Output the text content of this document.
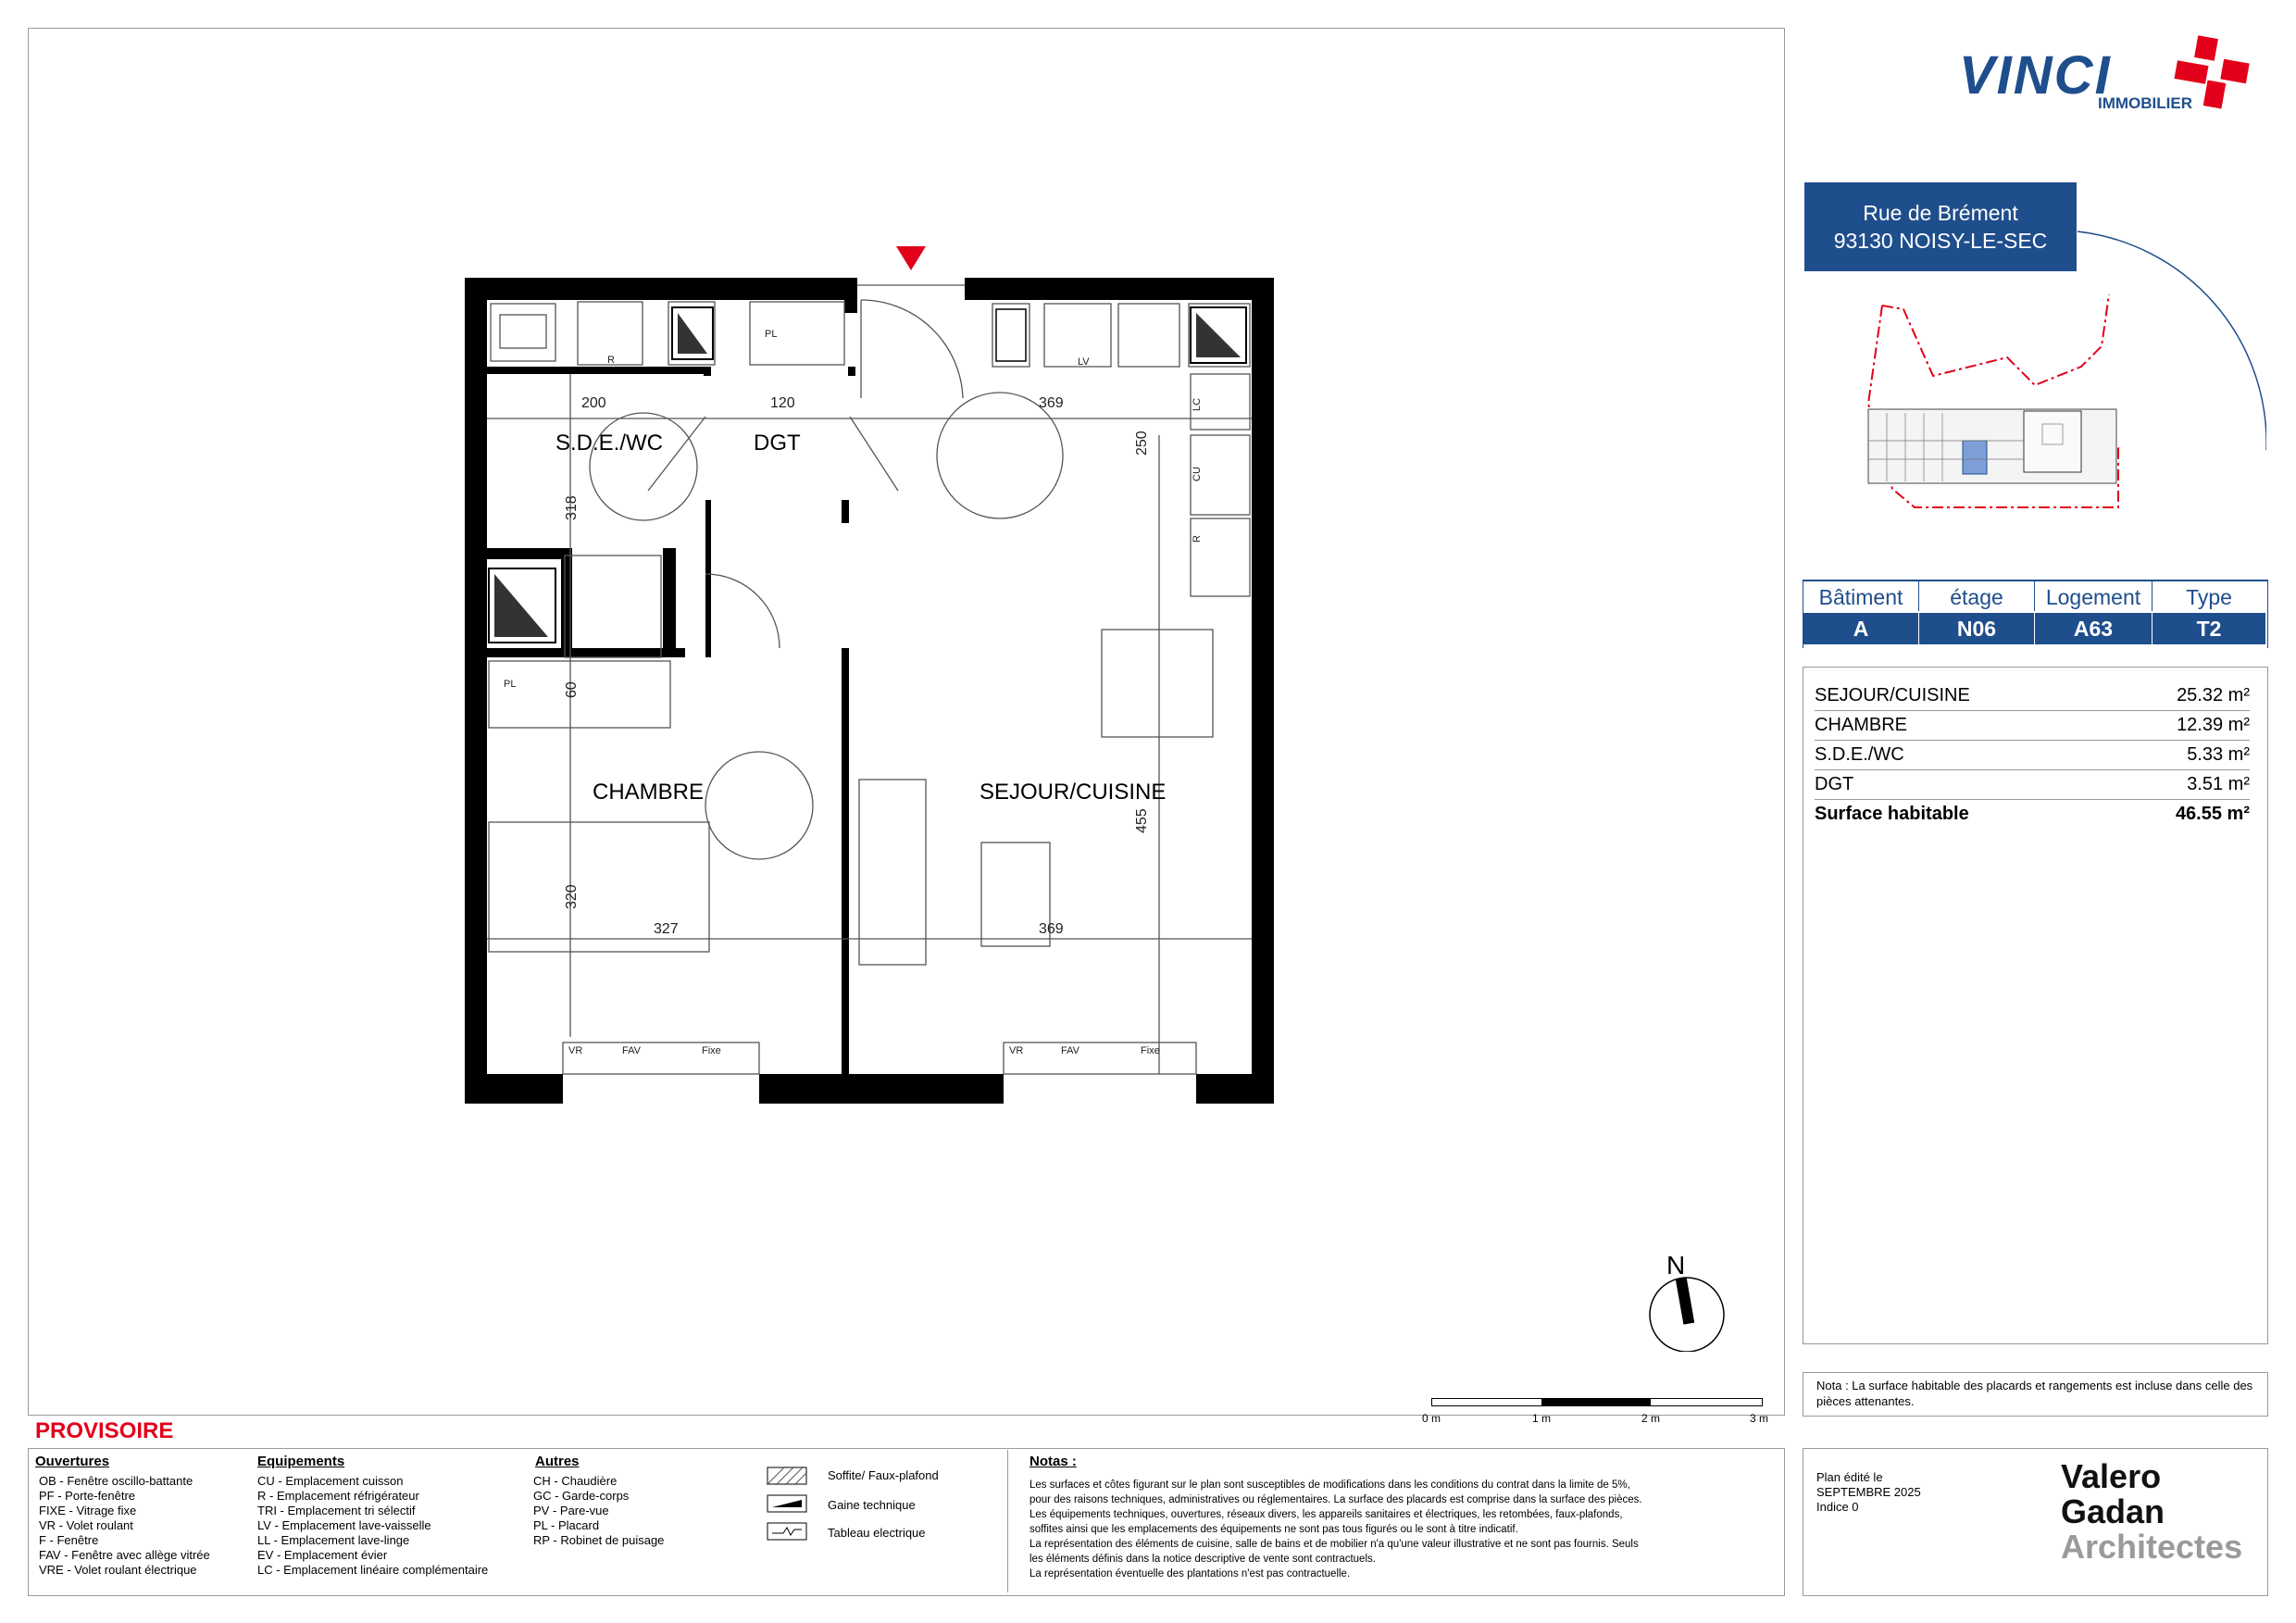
VINCI
IMMOBILIER
Rue de Brément
93130 NOISY-LE-SEC
Bâtiment	étage	Logement	Type
A	N06	A63	T2
SEJOUR/CUISINE	25.32 m²
CHAMBRE	12.39 m²
S.D.E./WC	5.33 m²
DGT	3.51 m²
Surface habitable	46.55 m²
Nota : La surface habitable des placards et rangements est incluse dans celle des pièces attenantes.
S.D.E./WC	DGT
CHAMBRE	SEJOUR/CUISINE
200	120	369
318
250
60
320
327	369
455
R
PL
LV
PL
LC
CU
R
VR	FAV	Fixe	VR	FAV	Fixe
N
0 m	1 m	2 m	3 m
PROVISOIRE
Ouvertures
OB - Fenêtre oscillo-battante
PF - Porte-fenêtre
FIXE - Vitrage fixe
VR - Volet roulant
F - Fenêtre
FAV - Fenêtre avec allège vitrée
VRE - Volet roulant électrique
Equipements
CU - Emplacement cuisson
R - Emplacement réfrigérateur
TRI - Emplacement tri sélectif
LV - Emplacement lave-vaisselle
LL - Emplacement lave-linge
EV - Emplacement évier
LC - Emplacement linéaire complémentaire
Autres
CH - Chaudière
GC - Garde-corps
PV - Pare-vue
PL - Placard
RP - Robinet de puisage
Soffite/ Faux-plafond
Gaine technique
Tableau electrique
Notas :
Les surfaces et côtes figurant sur le plan sont susceptibles de modifications dans les conditions du contrat dans la limite de 5%,
pour des raisons techniques, administratives ou réglementaires. La surface des placards est comprise dans la surface des pièces.
Les équipements techniques, ouvertures, réseaux divers, les appareils sanitaires et électriques, les retombées, faux-plafonds,
soffites ainsi que les emplacements des équipements ne sont pas tous figurés ou le sont à titre indicatif.
La représentation des éléments de cuisine, salle de bains et de mobilier n'a qu'une valeur illustrative et ne sont pas fournis. Seuls
les éléments définis dans la notice descriptive de vente sont contractuels.
La représentation éventuelle des plantations n'est pas contractuelle.
Plan édité le
SEPTEMBRE 2025
Indice 0
Valero
Gadan
Architectes
